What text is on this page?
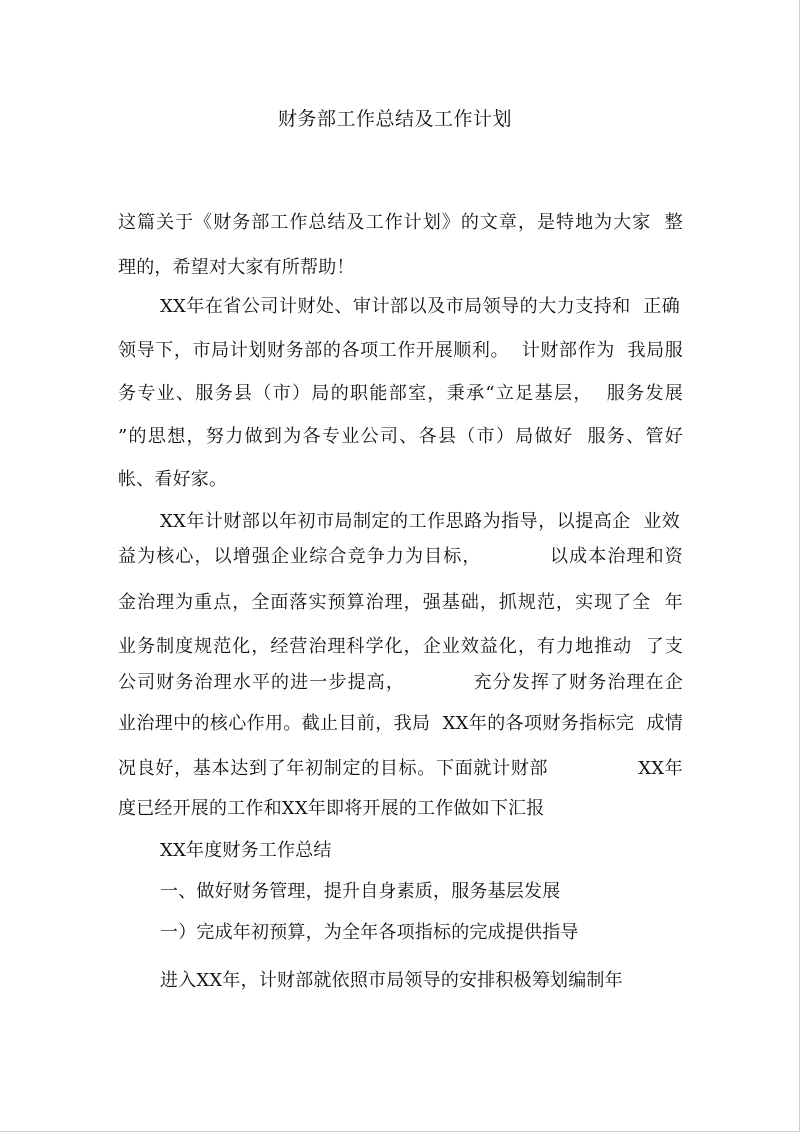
财务部工作总结及工作计划
这篇关于《财务部工作总结及工作计划》的文章，是特地为大家  整
理的，希望对大家有所帮助！
XX年在省公司计财处、审计部以及市局领导的大力支持和  正确
领导下，市局计划财务部的各项工作开展顺利。  计财部作为  我局服
务专业、服务县（市）局的职能部室，秉承“立足基层，  服务发展
”的思想，努力做到为各专业公司、各县（市）局做好  服务、管好
帐、看好家。
XX年计财部以年初市局制定的工作思路为指导，以提高企  业效
益为核心，以增强企业综合竞争力为目标，          以成本治理和资
金治理为重点，全面落实预算治理，强基础，抓规范，实现了全  年
业务制度规范化，经营治理科学化，企业效益化，有力地推动  了支
公司财务治理水平的进一步提高，          充分发挥了财务治理在企
业治理中的核心作用。截止目前，我局  XX年的各项财务指标完  成情
况良好，基本达到了年初制定的目标。下面就计财部              XX年
度已经开展的工作和XX年即将开展的工作做如下汇报
XX年度财务工作总结
一、做好财务管理，提升自身素质，服务基层发展
一）完成年初预算，为全年各项指标的完成提供指导
进入XX年，计财部就依照市局领导的安排积极筹划编制年
